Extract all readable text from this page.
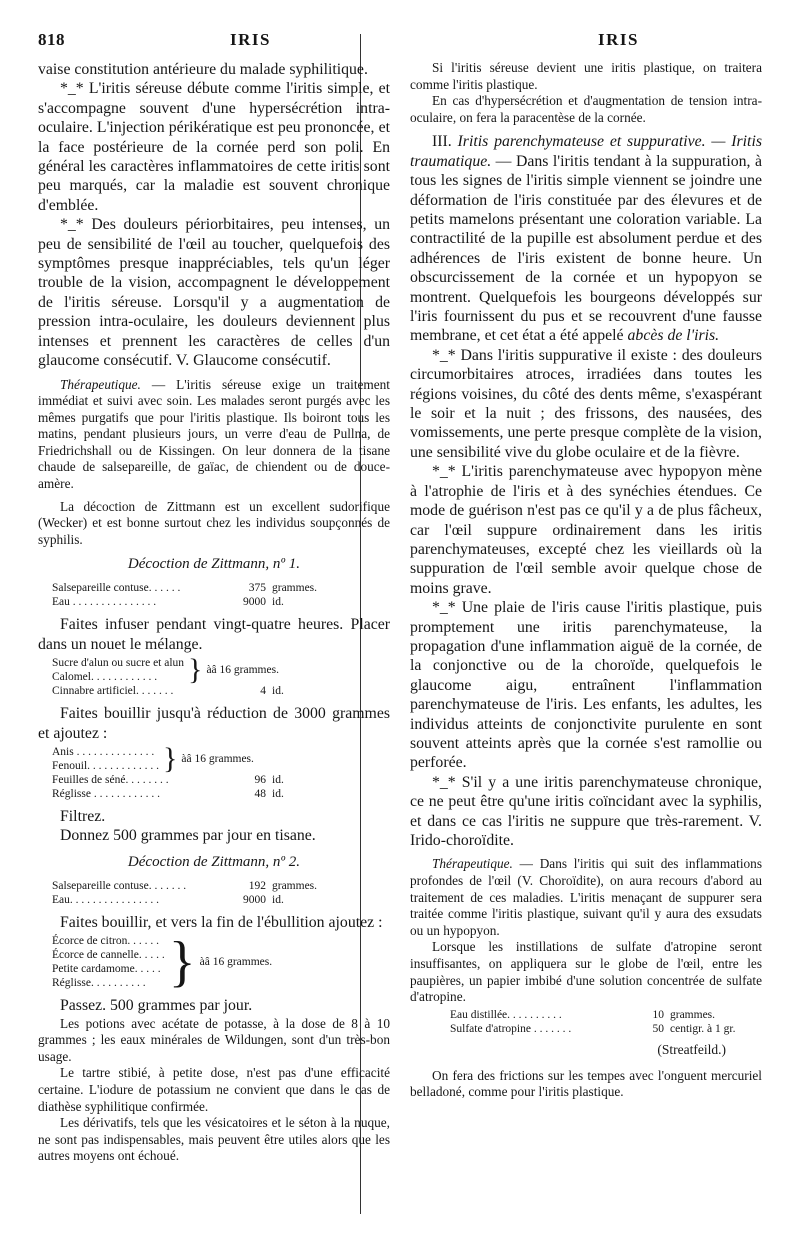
818	IRIS	IRIS

vaise constitution antérieure du malade syphilitique.

*_* L'iritis séreuse débute comme l'iritis simple, et s'accompagne souvent d'une hypersécrétion intra-oculaire. L'injection périkératique est peu prononcée, et la face postérieure de la cornée perd son poli. En général les caractères inflammatoires de cette iritis sont peu marqués, car la maladie est souvent chronique d'emblée.

*_* Des douleurs périorbitaires, peu intenses, un peu de sensibilité de l'œil au toucher, quelquefois des symptômes presque inappréciables, tels qu'un léger trouble de la vision, accompagnent le développement de l'iritis séreuse. Lorsqu'il y a augmentation de pression intra-oculaire, les douleurs deviennent plus intenses et prennent les caractères de celles d'un glaucome consécutif. V. Glaucome consécutif.

Thérapeutique. — L'iritis séreuse exige un traitement immédiat et suivi avec soin. Les malades seront purgés avec les mêmes purgatifs que pour l'iritis plastique. Ils boiront tous les matins, pendant plusieurs jours, un verre d'eau de Pullna, de Friedrichshall ou de Kissingen. On leur donnera de la tisane chaude de salsepareille, de gaïac, de chiendent ou de douce-amère.

La décoction de Zittmann est un excellent sudorifique (Wecker) et est bonne surtout chez les individus soupçonnés de syphilis.

Décoction de Zittmann, nº 1.
Salsepareille contuse. . . . . .	375	grammes.
Eau . . . . . . . . . . . . . . .	9000	id.

Faites infuser pendant vingt-quatre heures. Placer dans un nouet le mélange.

Sucre d'alun ou sucre et alun
Calomel. . . . . . . . . . . .	} àâ 16 grammes.
Cinnabre artificiel. . . . . . .	4	id.

Faites bouillir jusqu'à réduction de 3000 grammes et ajoutez :

Anis . . . . . . . . . . . . . .
Fenouil. . . . . . . . . . . . . } àâ 16 grammes.
Feuilles de séné. . . . . . . .	96	id.
Réglisse . . . . . . . . . . . .	48	id.

Filtrez.

Donnez 500 grammes par jour en tisane.

Décoction de Zittmann, nº 2.
Salsepareille contuse. . . . . . .	192	grammes.
Eau. . . . . . . . . . . . . . . .	9000	id.

Faites bouillir, et vers la fin de l'ébullition ajoutez :

Écorce de citron. . . . . .
Écorce de cannelle. . . . .
Petite cardamome. . . . .
Réglisse. . . . . . . . . . } àâ 16 grammes.

Passez. 500 grammes par jour.

Les potions avec acétate de potasse, à la dose de 8 à 10 grammes ; les eaux minérales de Wildungen, sont d'un très-bon usage.

Le tartre stibié, à petite dose, n'est pas d'une efficacité certaine. L'iodure de potassium ne convient que dans le cas de diathèse syphilitique confirmée.

Les dérivatifs, tels que les vésicatoires et le séton à la nuque, ne sont pas indispensables, mais peuvent être utiles alors que les autres moyens ont échoué.

Si l'iritis séreuse devient une iritis plastique, on traitera comme l'iritis plastique.

En cas d'hypersécrétion et d'augmentation de tension intra-oculaire, on fera la paracentèse de la cornée.

III. Iritis parenchymateuse et suppurative. — Iritis traumatique. — Dans l'iritis tendant à la suppuration, à tous les signes de l'iritis simple viennent se joindre une déformation de l'iris constituée par des élevures et de petits mamelons présentant une coloration variable. La contractilité de la pupille est absolument perdue et des adhérences de l'iris existent de bonne heure. Un obscurcissement de la cornée et un hypopyon se montrent. Quelquefois les bourgeons développés sur l'iris fournissent du pus et se recouvrent d'une fausse membrane, et cet état a été appelé abcès de l'iris.

*_* Dans l'iritis suppurative il existe : des douleurs circumorbitaires atroces, irradiées dans toutes les régions voisines, du côté des dents même, s'exaspérant le soir et la nuit ; des frissons, des nausées, des vomissements, une perte presque complète de la vision, une sensibilité vive du globe oculaire et de la fièvre.

*_* L'iritis parenchymateuse avec hypopyon mène à l'atrophie de l'iris et à des synéchies étendues. Ce mode de guérison n'est pas ce qu'il y a de plus fâcheux, car l'œil suppure ordinairement dans les iritis parenchymateuses, excepté chez les vieillards où la suppuration de l'œil semble avoir quelque chose de moins grave.

*_* Une plaie de l'iris cause l'iritis plastique, puis promptement une iritis parenchymateuse, la propagation d'une inflammation aiguë de la cornée, de la conjonctive ou de la choroïde, quelquefois le glaucome aigu, entraînent l'inflammation parenchymateuse de l'iris. Les enfants, les adultes, les individus atteints de conjonctivite purulente en sont souvent atteints après que la cornée s'est ramollie ou perforée.

*_* S'il y a une iritis parenchymateuse chronique, ce ne peut être qu'une iritis coïncidant avec la syphilis, et dans ce cas l'iritis ne suppure que très-rarement. V. Irido-choroïdite.

Thérapeutique. — Dans l'iritis qui suit des inflammations profondes de l'œil (V. Choroïdite), on aura recours d'abord au traitement de ces maladies. L'iritis menaçant de suppurer sera traitée comme l'iritis plastique, suivant qu'il y aura des exsudats ou un hypopyon.

Lorsque les instillations de sulfate d'atropine seront insuffisantes, on appliquera sur le globe de l'œil, entre les paupières, un papier imbibé d'une solution concentrée de sulfate d'atropine.

Eau distillée. . . . . . . . . .	10	grammes.
Sulfate d'atropine . . . . . . .	50	centigr. à 1 gr.
(Streatfeild.)

On fera des frictions sur les tempes avec l'onguent mercuriel belladoné, comme pour l'iritis plastique.
